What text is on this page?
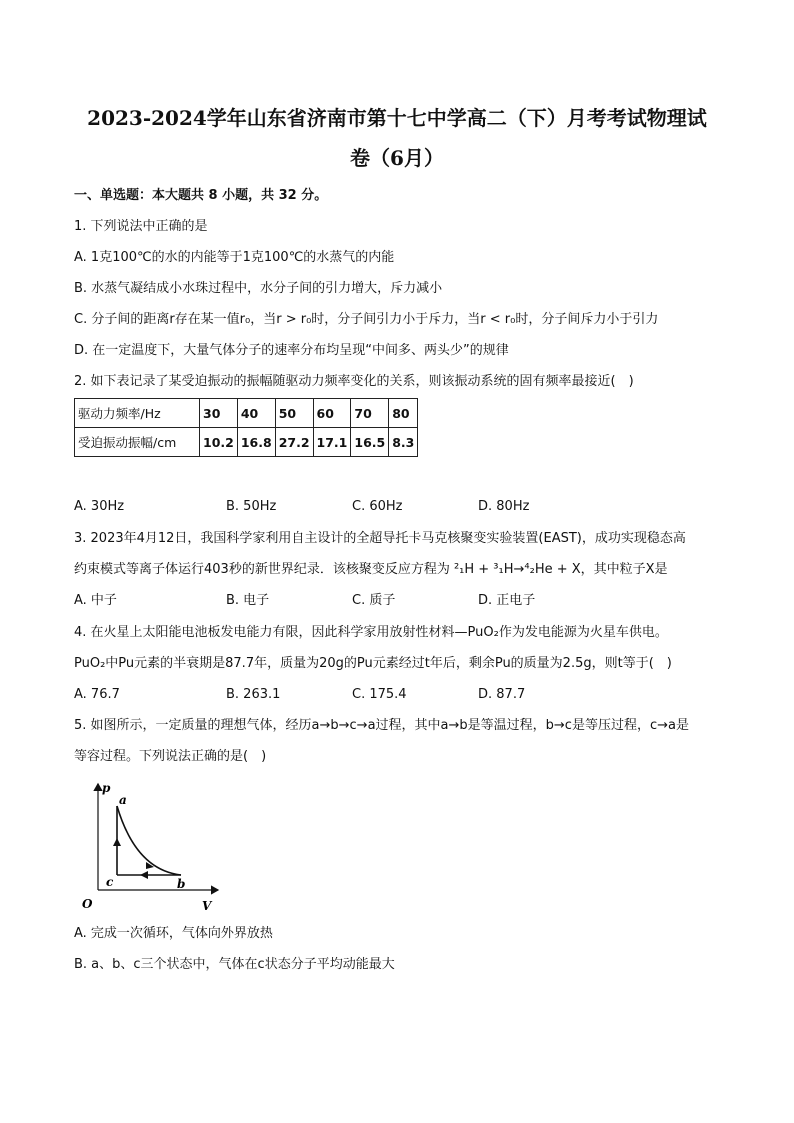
2023-2024学年山东省济南市第十七中学高二（下）月考考试物理试
卷（6月）
一、单选题：本大题共 8 小题，共 32 分。
1. 下列说法中正确的是
A. 1克100℃的水的内能等于1克100℃的水蒸气的内能
B. 水蒸气凝结成小水珠过程中，水分子间的引力增大，斥力减小
C. 分子间的距离r存在某一值r₀，当r > r₀时，分子间引力小于斥力，当r < r₀时，分子间斥力小于引力
D. 在一定温度下，大量气体分子的速率分布均呈现“中间多、两头少”的规律
2. 如下表记录了某受迫振动的振幅随驱动力频率变化的关系，则该振动系统的固有频率最接近(　)
驱动力频率/Hz	30	40	50	60	70	80
受迫振动振幅/cm	10.2	16.8	27.2	17.1	16.5	8.3
A. 30Hz	B. 50Hz	C. 60Hz	D. 80Hz
3. 2023年4月12日，我国科学家利用自主设计的全超导托卡马克核聚变实验装置(EAST)，成功实现稳态高
约束模式等离子体运行403秒的新世界纪录．该核聚变反应方程为 ²₁H + ³₁H→⁴₂He + X，其中粒子X是
A. 中子	B. 电子	C. 质子	D. 正电子
4. 在火星上太阳能电池板发电能力有限，因此科学家用放射性材料—PuO₂作为发电能源为火星车供电。
PuO₂中Pu元素的半衰期是87.7年，质量为20g的Pu元素经过t年后，剩余Pu的质量为2.5g，则t等于(　)
A. 76.7	B. 263.1	C. 175.4	D. 87.7
5. 如图所示，一定质量的理想气体，经历a→b→c→a过程，其中a→b是等温过程，b→c是等压过程，c→a是
等容过程。下列说法正确的是(　)
p
V
O
a
b
c
A. 完成一次循环，气体向外界放热
B. a、b、c三个状态中，气体在c状态分子平均动能最大
